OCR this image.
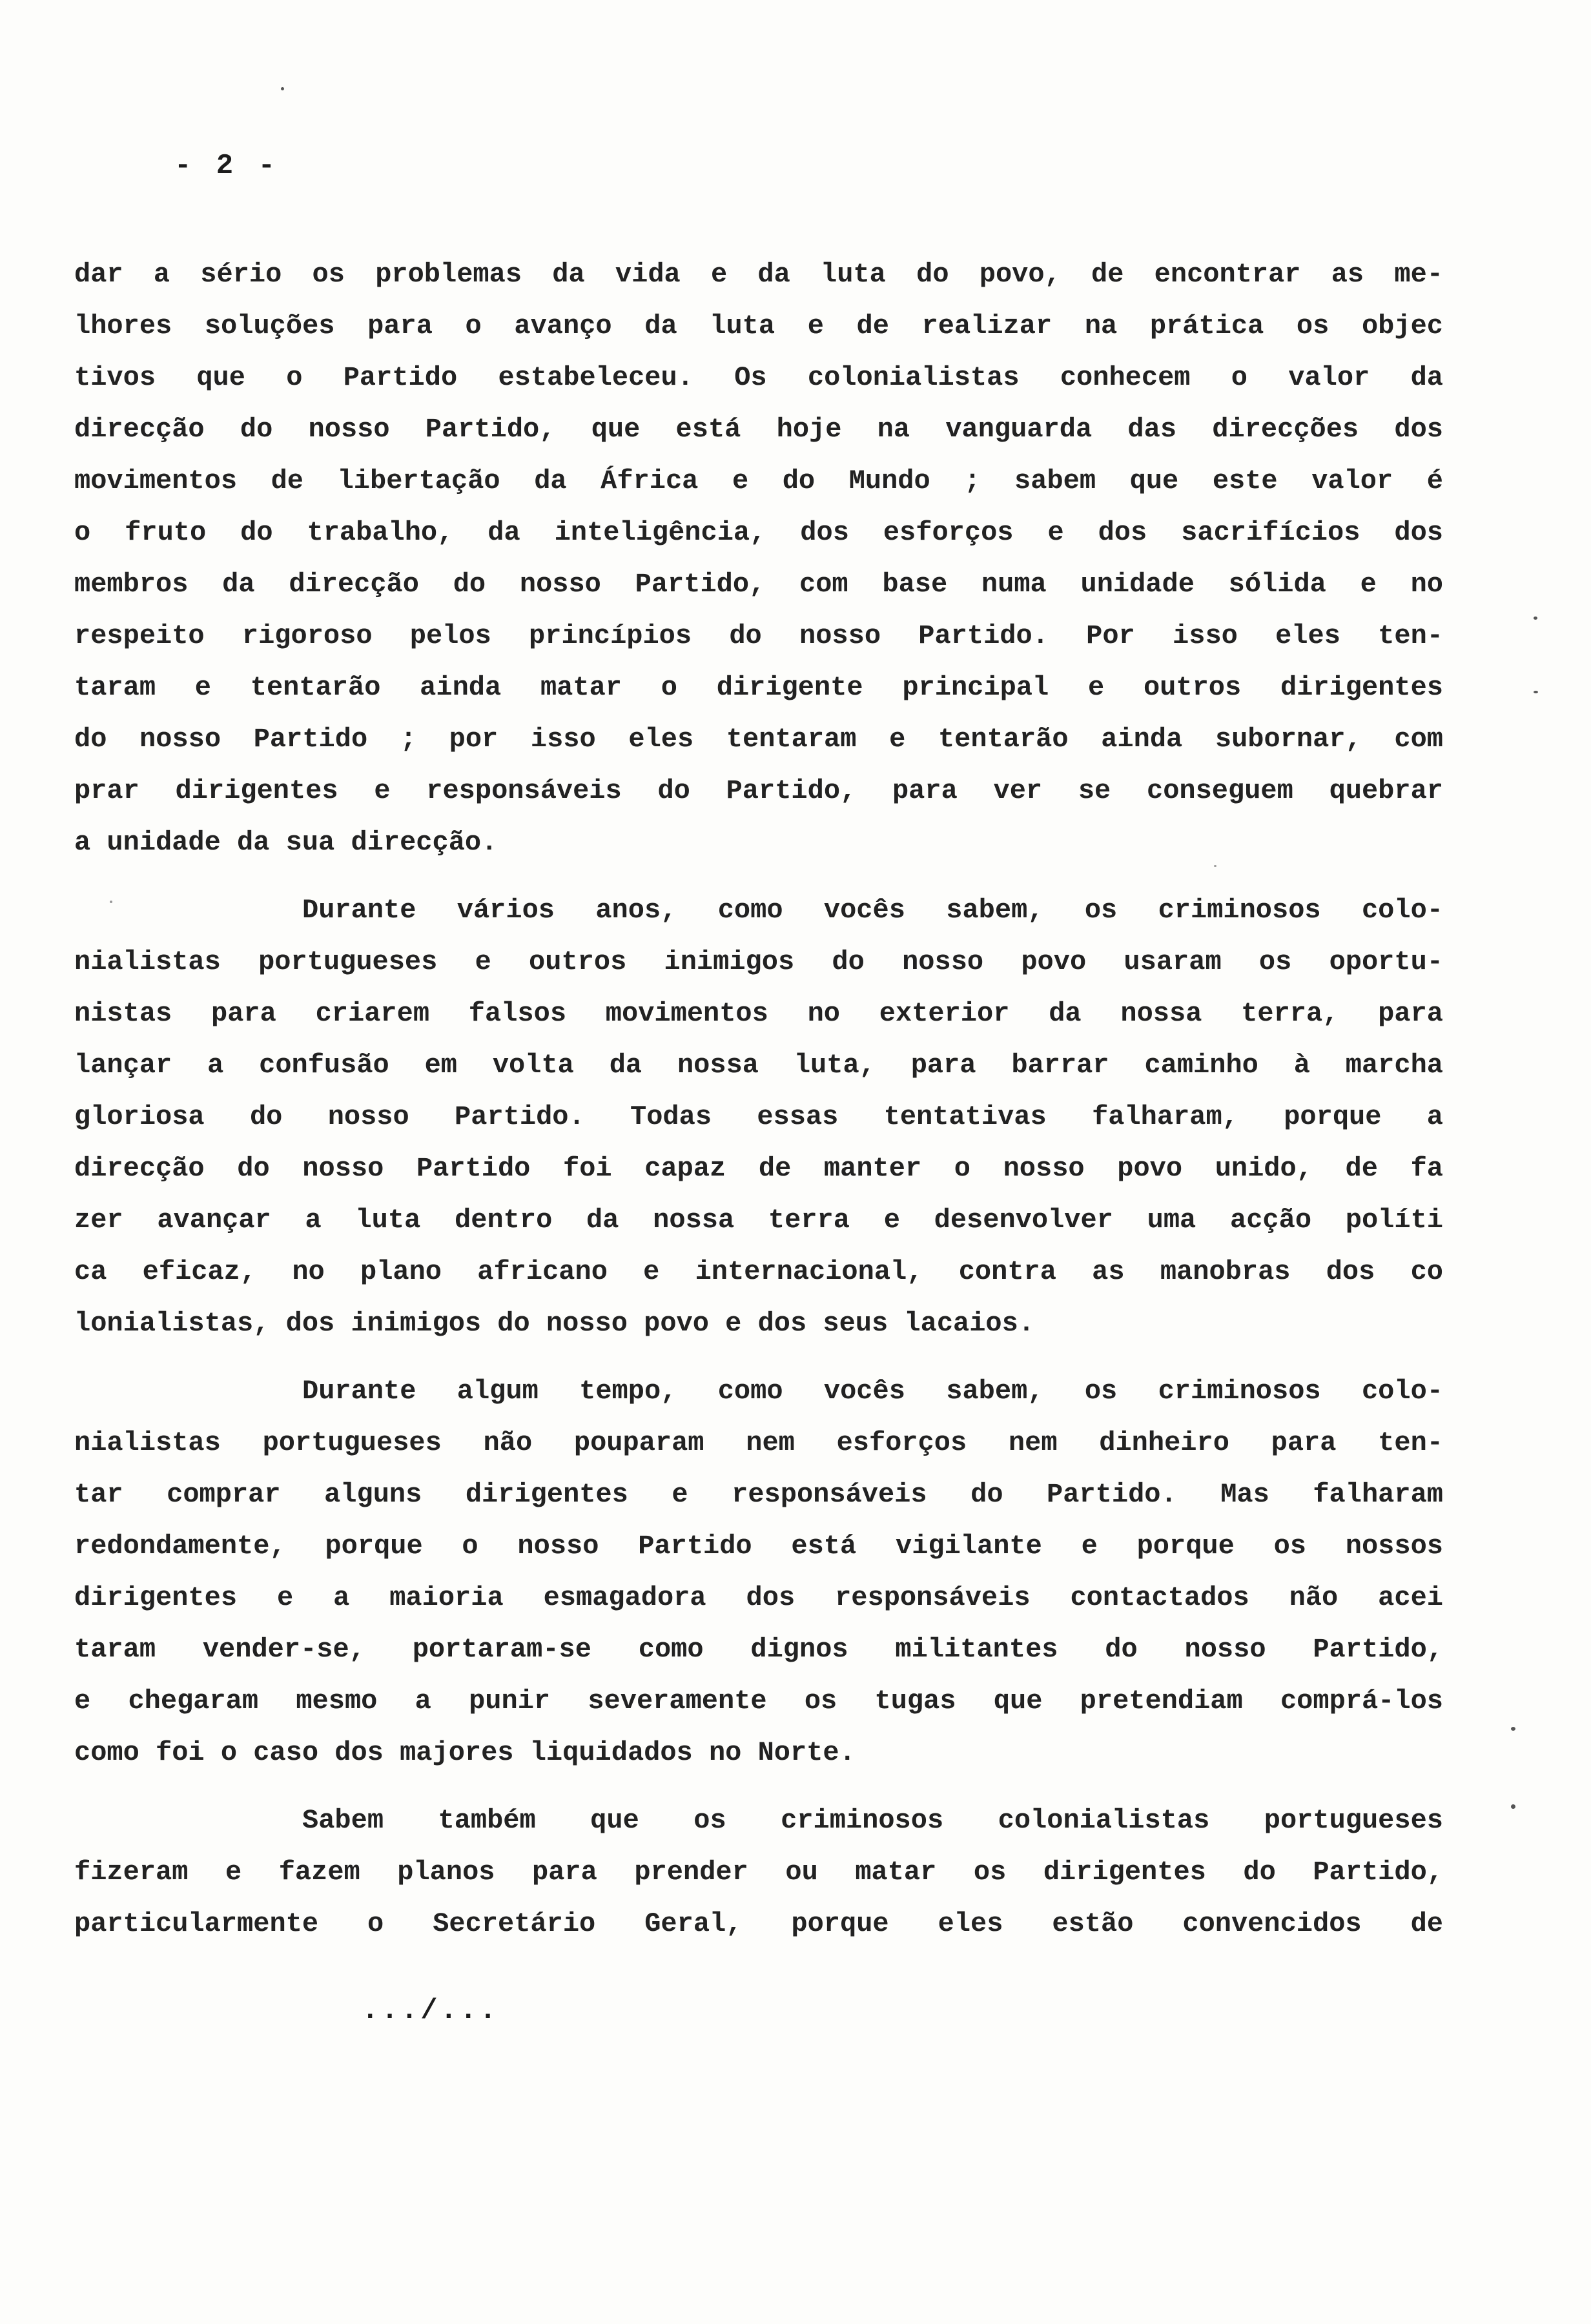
- 2 -
dar a sério os problemas da vida e da luta do povo, de encontrar as me-
lhores soluções para o avanço da luta e de realizar na prática os objec
tivos que o Partido estabeleceu. Os colonialistas conhecem o valor da
direcção do nosso Partido, que está hoje na vanguarda das direcções dos
movimentos de libertação da África e do Mundo ; sabem que este valor é
o fruto do trabalho, da inteligência, dos esforços e dos sacrifícios dos
membros da direcção do nosso Partido, com base numa unidade sólida e no
respeito rigoroso pelos princípios do nosso Partido. Por isso eles ten-
taram e tentarão ainda matar o dirigente principal e outros dirigentes
do nosso Partido ; por isso eles tentaram e tentarão ainda subornar, com
prar dirigentes e responsáveis do Partido, para ver se conseguem quebrar
a unidade da sua direcção.
Durante vários anos, como vocês sabem, os criminosos colo-
nialistas portugueses e outros inimigos do nosso povo usaram os oportu-
nistas para criarem falsos movimentos no exterior da nossa terra, para
lançar a confusão em volta da nossa luta, para barrar caminho à marcha
gloriosa do nosso Partido. Todas essas tentativas falharam, porque a
direcção do nosso Partido foi capaz de manter o nosso povo unido, de fa
zer avançar a luta dentro da nossa terra e desenvolver uma acção políti
ca eficaz, no plano africano e internacional, contra as manobras dos co
lonialistas, dos inimigos do nosso povo e dos seus lacaios.
Durante algum tempo, como vocês sabem, os criminosos colo-
nialistas portugueses não pouparam nem esforços nem dinheiro para ten-
tar comprar alguns dirigentes e responsáveis do Partido. Mas falharam
redondamente, porque o nosso Partido está vigilante e porque os nossos
dirigentes e a maioria esmagadora dos responsáveis contactados não acei
taram vender-se, portaram-se como dignos militantes do nosso Partido,
e chegaram mesmo a punir severamente os tugas que pretendiam comprá-los
como foi o caso dos majores liquidados no Norte.
Sabem também que os criminosos colonialistas portugueses
fizeram e fazem planos para prender ou matar os dirigentes do Partido,
particularmente o Secretário Geral, porque eles estão convencidos de
.../...
